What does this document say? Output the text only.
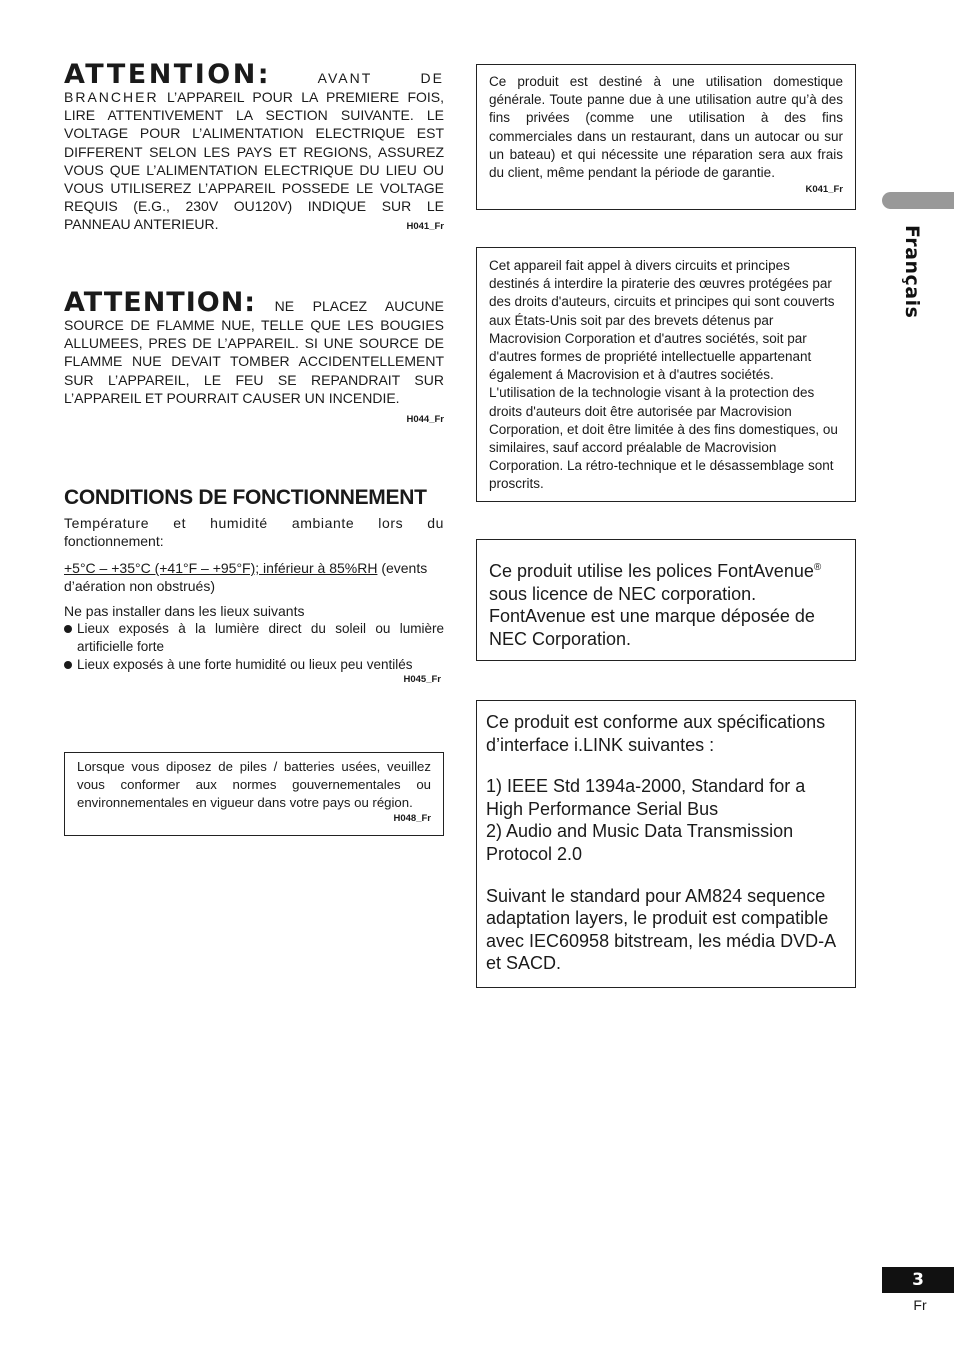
ATTENTION:	AVANT DE BRANCHER L’APPAREIL POUR LA PREMIERE FOIS, LIRE ATTENTIVEMENT LA SECTION SUIVANTE. LE VOLTAGE POUR L’ALIMENTATION ELECTRIQUE EST DIFFERENT SELON LES PAYS ET REGIONS, ASSUREZ VOUS QUE L’ALIMENTATION ELECTRIQUE DU LIEU OU VOUS UTILISEREZ L’APPAREIL POSSEDE LE VOLTAGE REQUIS (E.G., 230V OU120V) INDIQUE SUR LE PANNEAU ANTERIEUR.	H041_Fr
ATTENTION: NE PLACEZ AUCUNE SOURCE DE FLAMME NUE, TELLE QUE LES BOUGIES ALLUMEES, PRES DE L’APPAREIL. SI UNE SOURCE DE FLAMME NUE DEVAIT TOMBER ACCIDENTELLEMENT SUR L’APPAREIL, LE FEU SE REPANDRAIT SUR L’APPAREIL ET POURRAIT CAUSER UN INCENDIE.
H044_Fr
CONDITIONS DE FONCTIONNEMENT

Température et humidité ambiante lors du

fonctionnement:

+5°C – +35°C (+41°F – +95°F); inférieur à 85%RH (events d’aération non obstrués)

Ne pas installer dans les lieux suivants

Lieux exposés à la lumière direct du soleil ou lumière artificielle forte
Lieux exposés à une forte humidité ou lieux peu ventilés
H045_Fr
Lorsque vous diposez de piles / batteries usées, veuillez vous conformer aux normes gouvernementales ou environnementales en vigueur dans votre pays ou région.
H048_Fr
Ce produit est destiné à une utilisation domestique générale. Toute panne due à une utilisation autre qu’à des fins privées (comme une utilisation à des fins commerciales dans un restaurant, dans un autocar ou sur un bateau) et qui nécessite une réparation sera aux frais du client, même pendant la période de garantie.
K041_Fr
Cet appareil fait appel à divers circuits et principes destinés á interdire la piraterie des œuvres protégées par des droits d'auteurs, circuits et principes qui sont couverts aux États-Unis soit par des brevets détenus par Macrovision Corporation et d'autres sociétés, soit par d'autres formes de propriété intellectuelle appartenant également á Macrovision et à d'autres sociétés. L'utilisation de la technologie visant à la protection des droits d'auteurs doit être autorisée par Macrovision Corporation, et doit être limitée à des fins domestiques, ou similaires, sauf accord préalable de Macrovision Corporation. La rétro-technique et le désassemblage sont proscrits.
Ce produit utilise les polices FontAvenue® sous licence de NEC corporation. FontAvenue est une marque déposée de NEC Corporation.

Ce produit est conforme aux spécifications d’interface i.LINK suivantes :

1) IEEE Std 1394a-2000, Standard for a High Performance Serial Bus

2) Audio and Music Data Transmission Protocol 2.0

Suivant le standard pour AM824 sequence adaptation layers, le produit est compatible avec IEC60958 bitstream, les média DVD-A et SACD.

Français
3
Fr
